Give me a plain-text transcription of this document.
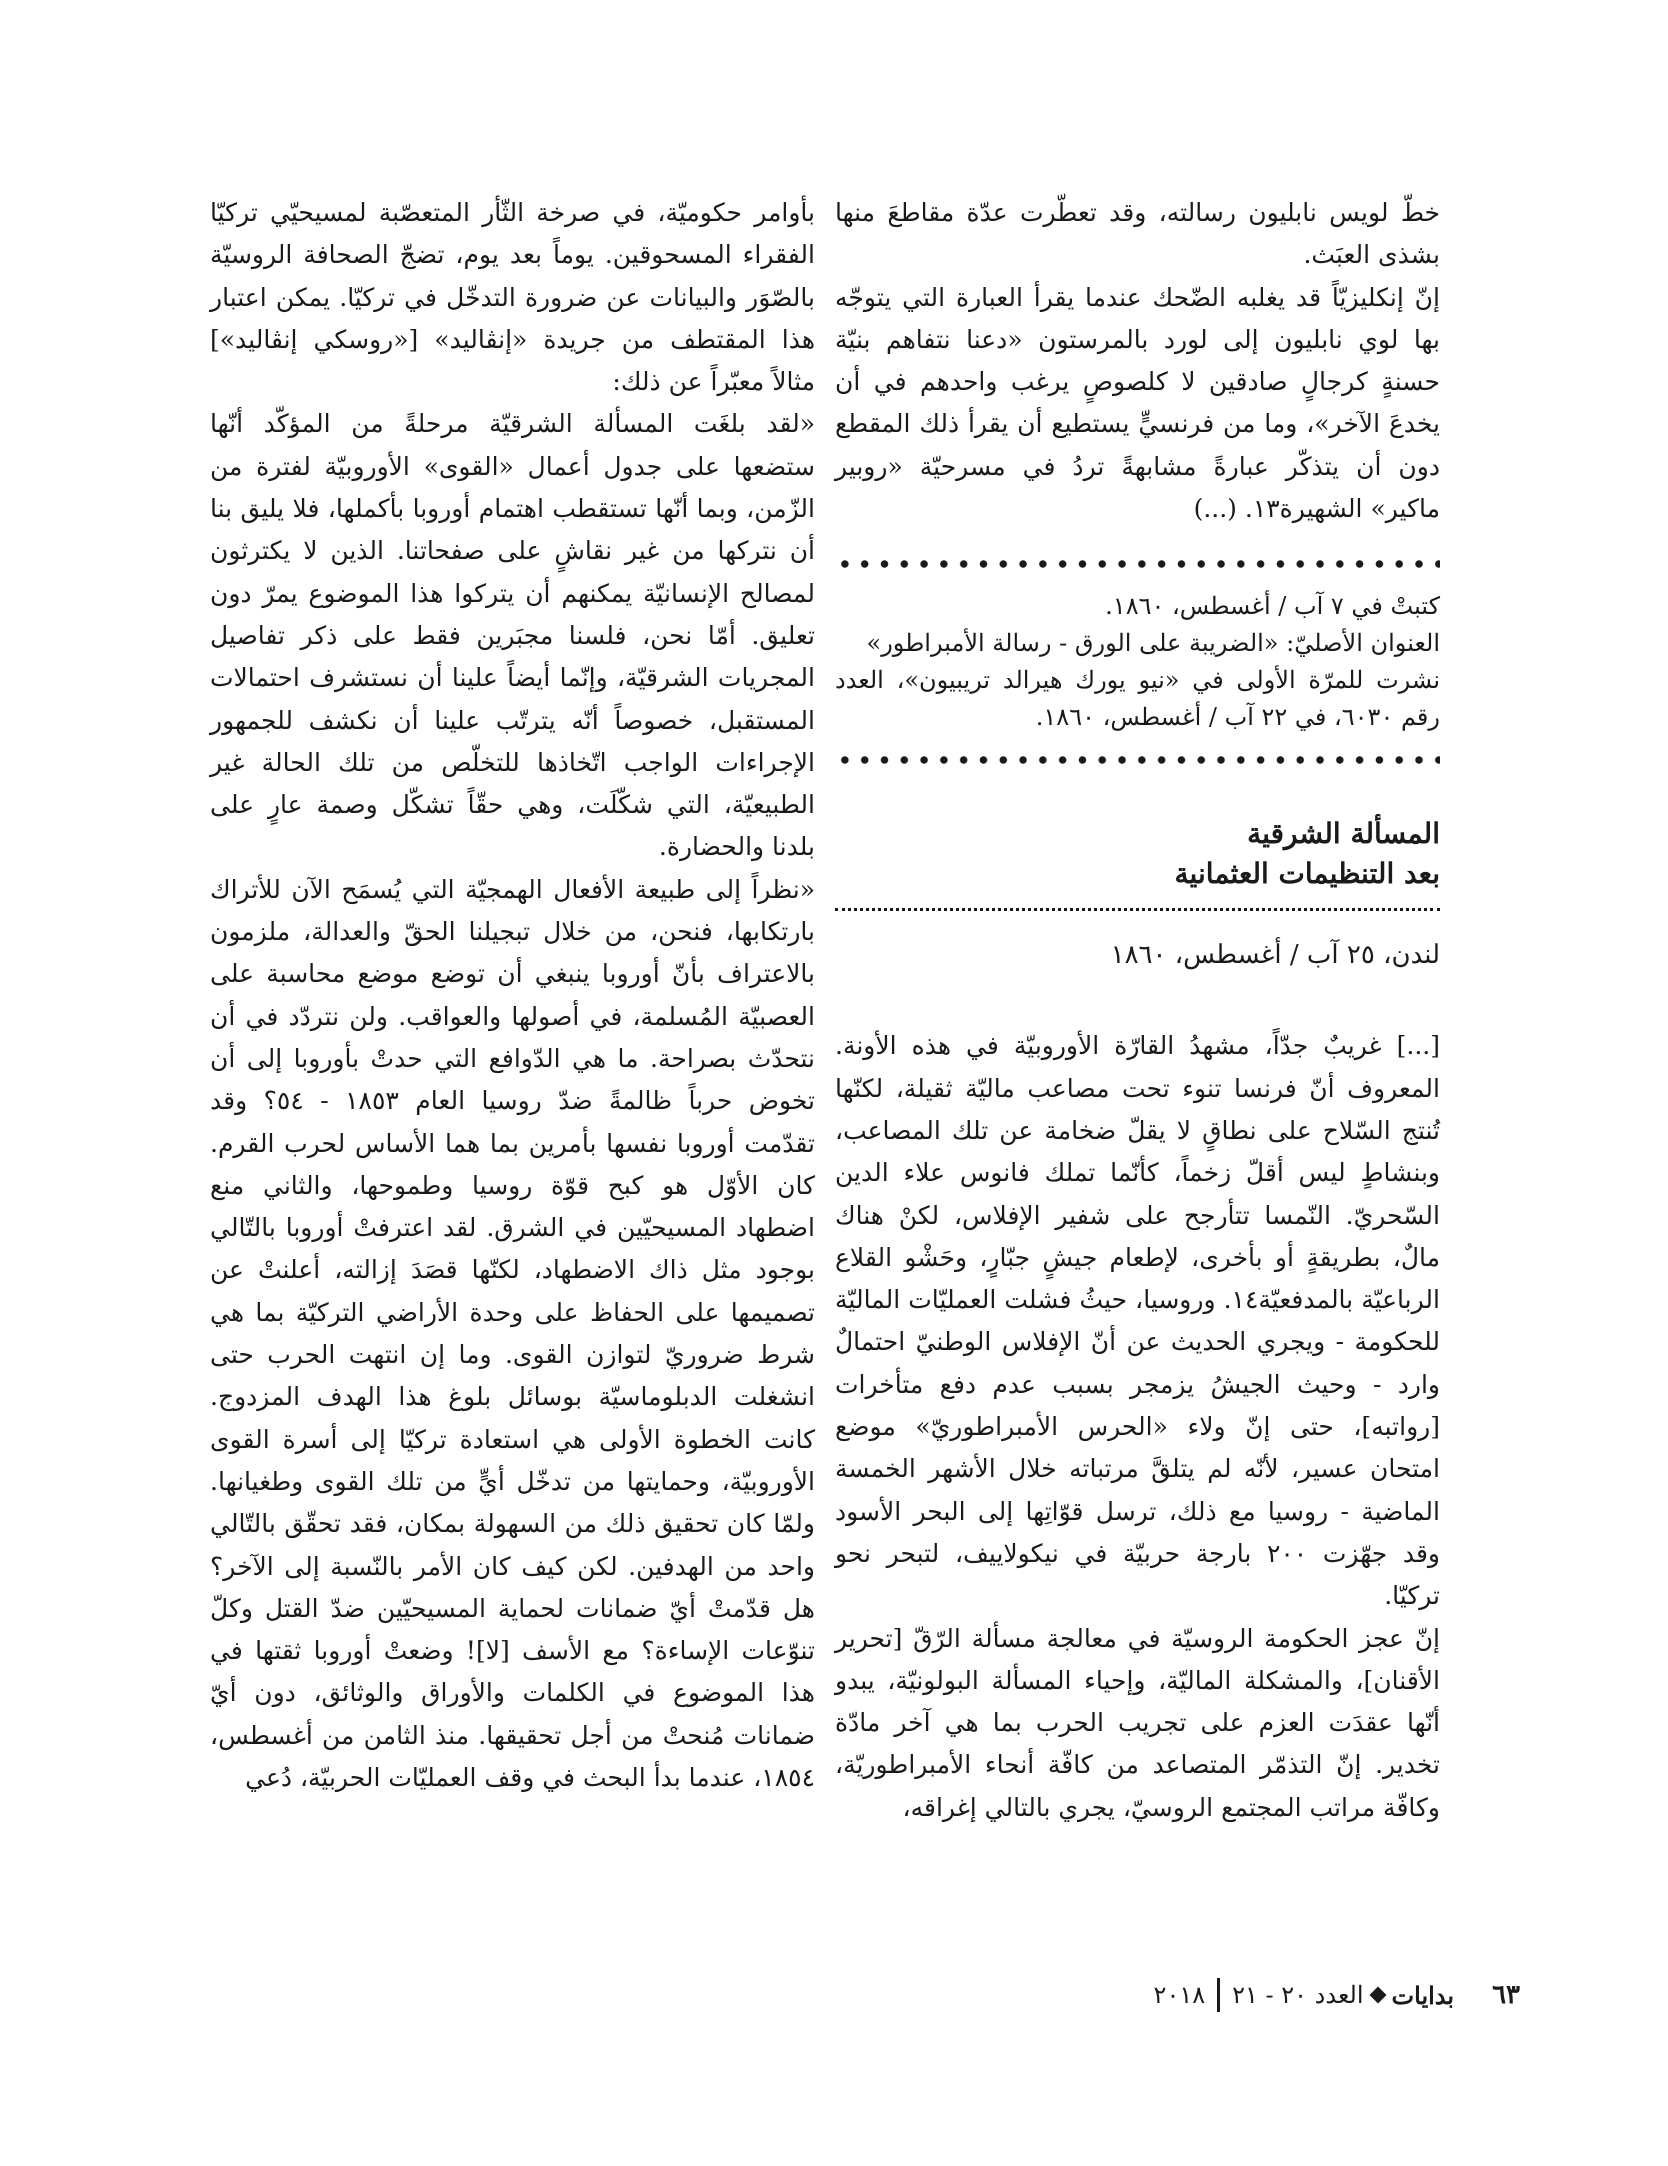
خطّ لويس نابليون رسالته، وقد تعطّرت عدّة مقاطعَ منها بشذى العبَث.

إنّ إنكليزيّاً قد يغلبه الضّحك عندما يقرأ العبارة التي يتوجّه بها لوي نابليون إلى لورد بالمرستون «دعنا نتفاهم بنيّة حسنةٍ كرجالٍ صادقين لا كلصوصٍ يرغب واحدهم في أن يخدعَ الآخر»، وما من فرنسيٍّ يستطيع أن يقرأ ذلك المقطع دون أن يتذكّر عبارةً مشابهةً تردُ في مسرحيّة «روبير ماكير» الشهيرة١٣. (...)

كتبتْ في ٧ آب / أغسطس، ١٨٦٠.

العنوان الأصليّ: «الضريبة على الورق - رسالة الأمبراطور»

نشرت للمرّة الأولى في «نيو يورك هيرالد تريبيون»، العدد رقم ٦٠٣٠، في ٢٢ آب / أغسطس، ١٨٦٠.

المسألة الشرقية
بعد التنظيمات العثمانية

لندن، ٢٥ آب / أغسطس، ١٨٦٠

[...] غريبٌ جدّاً، مشهدُ القارّة الأوروبيّة في هذه الأونة. المعروف أنّ فرنسا تنوء تحت مصاعب ماليّة ثقيلة، لكنّها تُنتج السّلاح على نطاقٍ لا يقلّ ضخامة عن تلك المصاعب، وبنشاطٍ ليس أقلّ زخماً، كأنّما تملك فانوس علاء الدين السّحريّ. النّمسا تتأرجح على شفير الإفلاس، لكنْ هناك مالٌ، بطريقةٍ أو بأخرى، لإطعام جيشٍ جبّارٍ، وحَشْو القلاع الرباعيّة بالمدفعيّة١٤. وروسيا، حيثُ فشلت العمليّات الماليّة للحكومة - ويجري الحديث عن أنّ الإفلاس الوطنيّ احتمالٌ وارد - وحيث الجيشُ يزمجر بسبب عدم دفع متأخرات [رواتبه]، حتى إنّ ولاء «الحرس الأمبراطوريّ» موضع امتحان عسير، لأنّه لم يتلقَّ مرتباته خلال الأشهر الخمسة الماضية - روسيا مع ذلك، ترسل قوّاتِها إلى البحر الأسود وقد جهّزت ٢٠٠ بارجة حربيّة في نيكولاييف، لتبحر نحو تركيّا.

إنّ عجز الحكومة الروسيّة في معالجة مسألة الرّقّ [تحرير الأقنان]، والمشكلة الماليّة، وإحياء المسألة البولونيّة، يبدو أنّها عقدَت العزم على تجريب الحرب بما هي آخر مادّة تخدير. إنّ التذمّر المتصاعد من كافّة أنحاء الأمبراطوريّة، وكافّة مراتب المجتمع الروسيّ، يجري بالتالي إغراقه،

بأوامر حكوميّة، في صرخة الثّأر المتعصّبة لمسيحيّي تركيّا الفقراء المسحوقين. يوماً بعد يوم، تضجّ الصحافة الروسيّة بالصّوَر والبيانات عن ضرورة التدخّل في تركيّا. يمكن اعتبار هذا المقتطف من جريدة «إنڤاليد» [«روسكي إنڤاليد»] مثالاً معبّراً عن ذلك:

«لقد بلغَت المسألة الشرقيّة مرحلةً من المؤكّد أنّها ستضعها على جدول أعمال «القوى» الأوروبيّة لفترة من الزّمن، وبما أنّها تستقطب اهتمام أوروبا بأكملها، فلا يليق بنا أن نتركها من غير نقاشٍ على صفحاتنا. الذين لا يكترثون لمصالح الإنسانيّة يمكنهم أن يتركوا هذا الموضوع يمرّ دون تعليق. أمّا نحن، فلسنا مجبَرين فقط على ذكر تفاصيل المجريات الشرقيّة، وإنّما أيضاً علينا أن نستشرف احتمالات المستقبل، خصوصاً أنّه يترتّب علينا أن نكشف للجمهور الإجراءات الواجب اتّخاذها للتخلّص من تلك الحالة غير الطبيعيّة، التي شكّلَت، وهي حقّاً تشكّل وصمة عارٍ على بلدنا والحضارة.

«نظراً إلى طبيعة الأفعال الهمجيّة التي يُسمَح الآن للأتراك بارتكابها، فنحن، من خلال تبجيلنا الحقّ والعدالة، ملزمون بالاعتراف بأنّ أوروبا ينبغي أن توضع موضع محاسبة على العصبيّة المُسلمة، في أصولها والعواقب. ولن نتردّد في أن نتحدّث بصراحة. ما هي الدّوافع التي حدتْ بأوروبا إلى أن تخوض حرباً ظالمةً ضدّ روسيا العام ١٨٥٣ - ٥٤؟ وقد تقدّمت أوروبا نفسها بأمرين بما هما الأساس لحرب القرم. كان الأوّل هو كبح قوّة روسيا وطموحها، والثاني منع اضطهاد المسيحيّين في الشرق. لقد اعترفتْ أوروبا بالتّالي بوجود مثل ذاك الاضطهاد، لكنّها قصَدَ إزالته، أعلنتْ عن تصميمها على الحفاظ على وحدة الأراضي التركيّة بما هي شرط ضروريّ لتوازن القوى. وما إن انتهت الحرب حتى انشغلت الدبلوماسيّة بوسائل بلوغ هذا الهدف المزدوج. كانت الخطوة الأولى هي استعادة تركيّا إلى أسرة القوى الأوروبيّة، وحمايتها من تدخّل أيٍّ من تلك القوى وطغيانها. ولمّا كان تحقيق ذلك من السهولة بمكان، فقد تحقّق بالتّالي واحد من الهدفين. لكن كيف كان الأمر بالنّسبة إلى الآخر؟ هل قدّمتْ أيّ ضمانات لحماية المسيحيّين ضدّ القتل وكلّ تنوّعات الإساءة؟ مع الأسف [لا]! وضعتْ أوروبا ثقتها في هذا الموضوع في الكلمات والأوراق والوثائق، دون أيّ ضمانات مُنحتْ من أجل تحقيقها. منذ الثامن من أغسطس، ١٨٥٤، عندما بدأ البحث في وقف العمليّات الحربيّة، دُعي

٦٣
بدايات
العدد ٢٠ - ٢١
٢٠١٨
